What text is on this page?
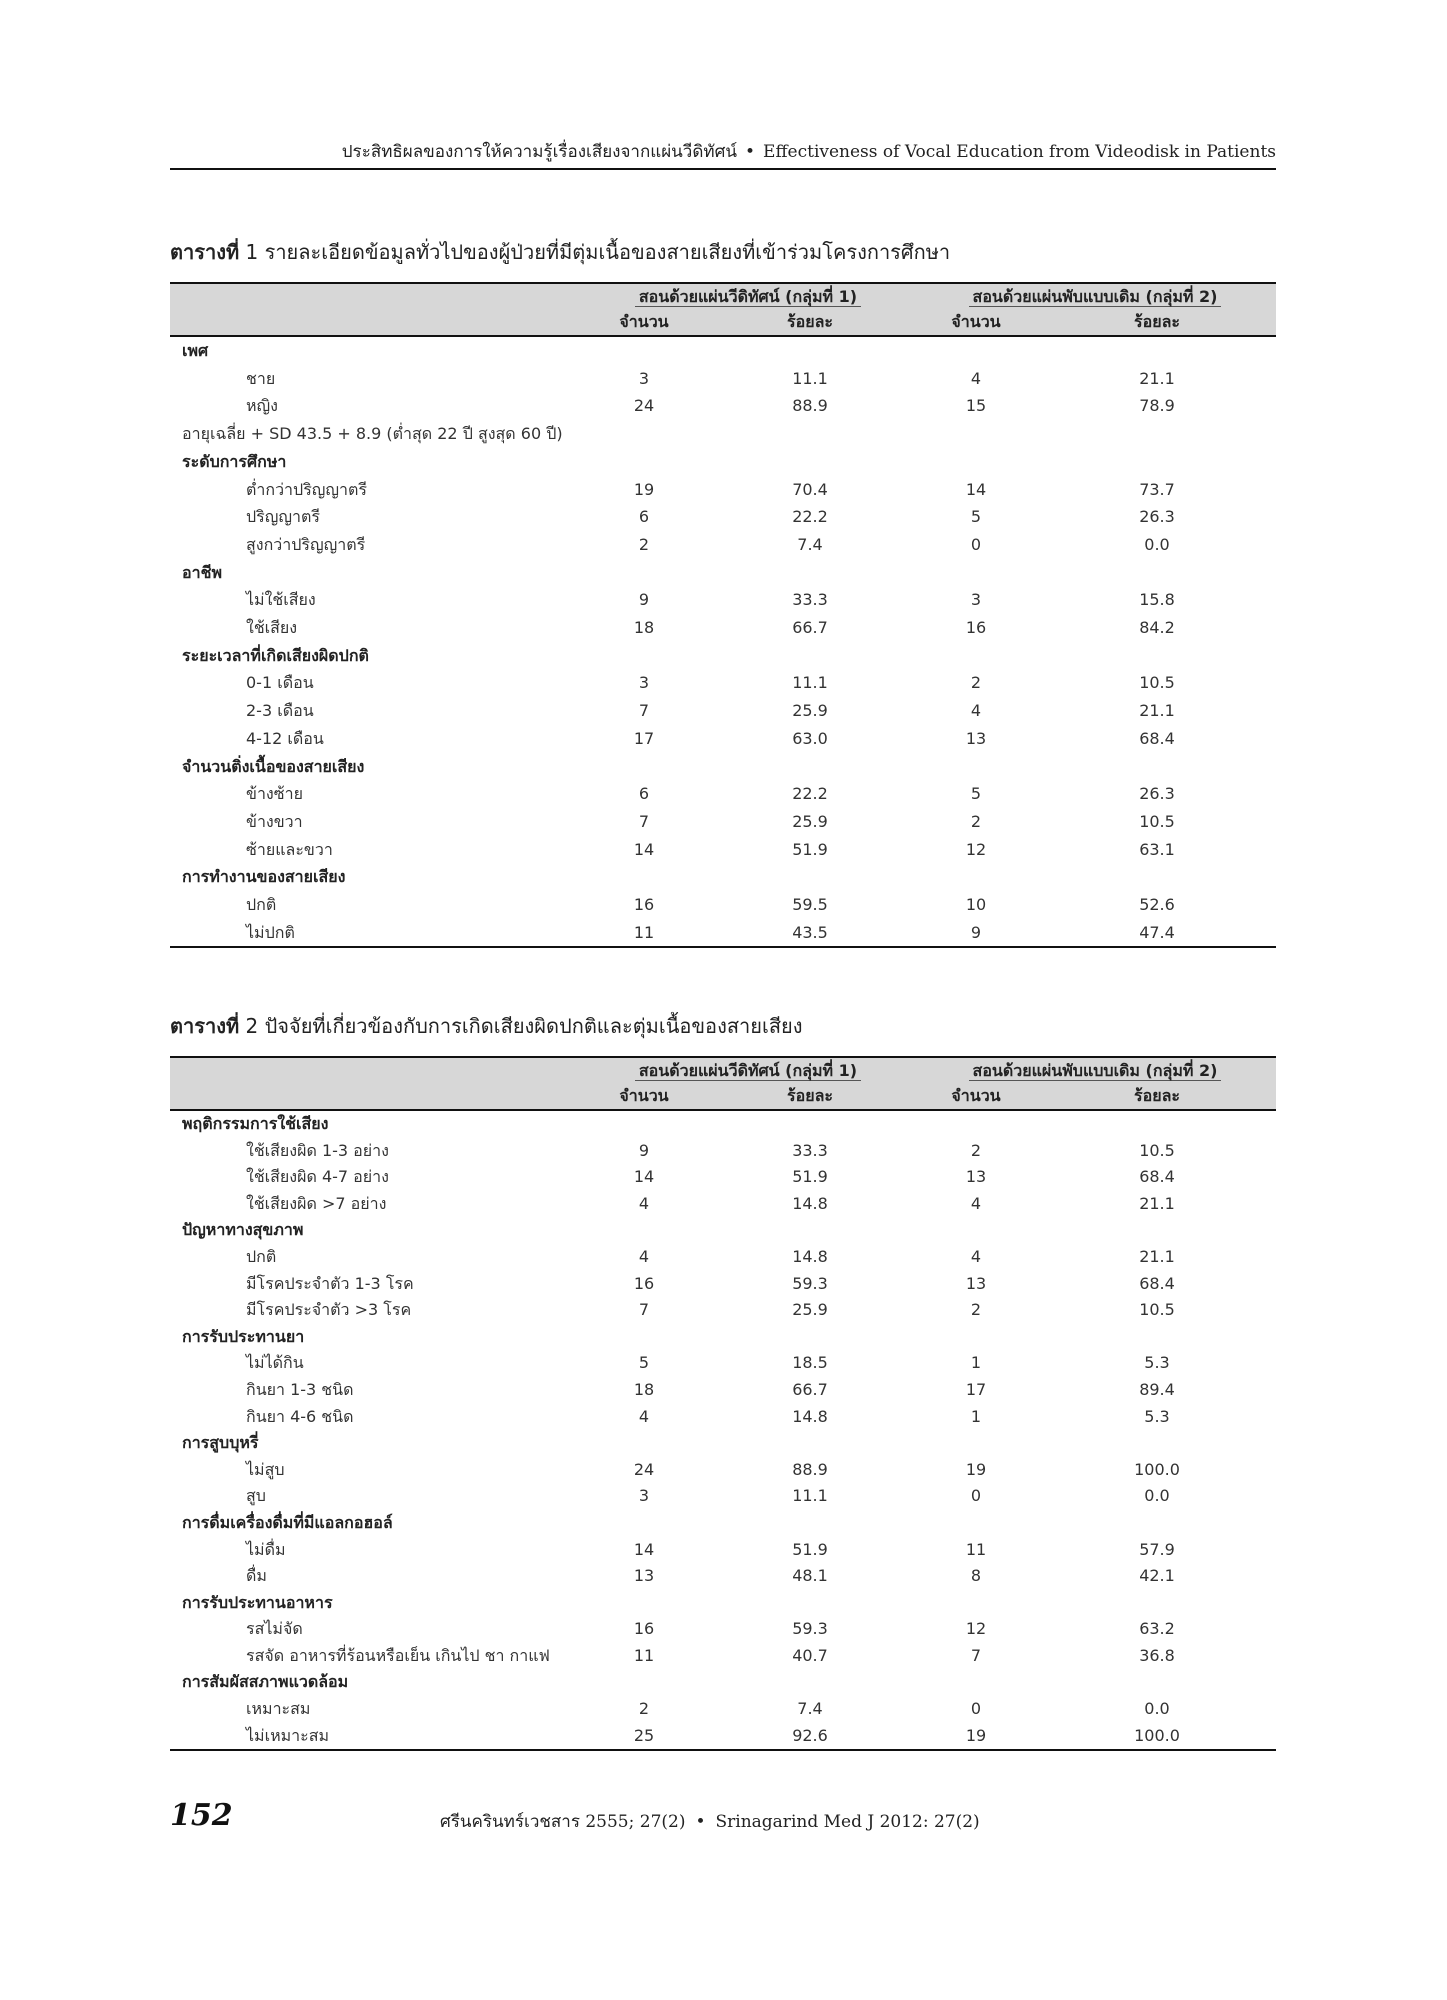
ประสิทธิผลของการให้ความรู้เรื่องเสียงจากแผ่นวีดิทัศน์ • Effectiveness of Vocal Education from Videodisk in Patients
ตารางที่ 1 รายละเอียดข้อมูลทั่วไปของผู้ป่วยที่มีตุ่มเนื้อของสายเสียงที่เข้าร่วมโครงการศึกษา
	สอนด้วยแผ่นวีดิทัศน์ (กลุ่มที่ 1)		สอนด้วยแผ่นพับแบบเดิม (กลุ่มที่ 2)	
	จำนวน	ร้อยละ	จำนวน	ร้อยละ
เพศ				
ชาย	3	11.1	4	21.1
หญิง	24	88.9	15	78.9
อายุเฉลี่ย + SD 43.5 + 8.9 (ต่ำสุด 22 ปี สูงสุด 60 ปี)				
ระดับการศึกษา				
ต่ำกว่าปริญญาตรี	19	70.4	14	73.7
ปริญญาตรี	6	22.2	5	26.3
สูงกว่าปริญญาตรี	2	7.4	0	0.0
อาชีพ				
ไม่ใช้เสียง	9	33.3	3	15.8
ใช้เสียง	18	66.7	16	84.2
ระยะเวลาที่เกิดเสียงผิดปกติ				
0-1 เดือน	3	11.1	2	10.5
2-3 เดือน	7	25.9	4	21.1
4-12 เดือน	17	63.0	13	68.4
จำนวนติ่งเนื้อของสายเสียง				
ข้างซ้าย	6	22.2	5	26.3
ข้างขวา	7	25.9	2	10.5
ซ้ายและขวา	14	51.9	12	63.1
การทำงานของสายเสียง				
ปกติ	16	59.5	10	52.6
ไม่ปกติ	11	43.5	9	47.4
ตารางที่ 2 ปัจจัยที่เกี่ยวข้องกับการเกิดเสียงผิดปกติและตุ่มเนื้อของสายเสียง
	สอนด้วยแผ่นวีดิทัศน์ (กลุ่มที่ 1)		สอนด้วยแผ่นพับแบบเดิม (กลุ่มที่ 2)	
	จำนวน	ร้อยละ	จำนวน	ร้อยละ
พฤติกรรมการใช้เสียง				
ใช้เสียงผิด 1-3 อย่าง	9	33.3	2	10.5
ใช้เสียงผิด 4-7 อย่าง	14	51.9	13	68.4
ใช้เสียงผิด >7 อย่าง	4	14.8	4	21.1
ปัญหาทางสุขภาพ				
ปกติ	4	14.8	4	21.1
มีโรคประจำตัว 1-3 โรค	16	59.3	13	68.4
มีโรคประจำตัว >3 โรค	7	25.9	2	10.5
การรับประทานยา				
ไม่ได้กิน	5	18.5	1	5.3
กินยา 1-3 ชนิด	18	66.7	17	89.4
กินยา 4-6 ชนิด	4	14.8	1	5.3
การสูบบุหรี่				
ไม่สูบ	24	88.9	19	100.0
สูบ	3	11.1	0	0.0
การดื่มเครื่องดื่มที่มีแอลกอฮอล์				
ไม่ดื่ม	14	51.9	11	57.9
ดื่ม	13	48.1	8	42.1
การรับประทานอาหาร				
รสไม่จัด	16	59.3	12	63.2
รสจัด อาหารที่ร้อนหรือเย็น เกินไป ชา กาแฟ	11	40.7	7	36.8
การสัมผัสสภาพแวดล้อม				
เหมาะสม	2	7.4	0	0.0
ไม่เหมาะสม	25	92.6	19	100.0
152	ศรีนครินทร์เวชสาร 2555; 27(2) • Srinagarind Med J 2012: 27(2)
